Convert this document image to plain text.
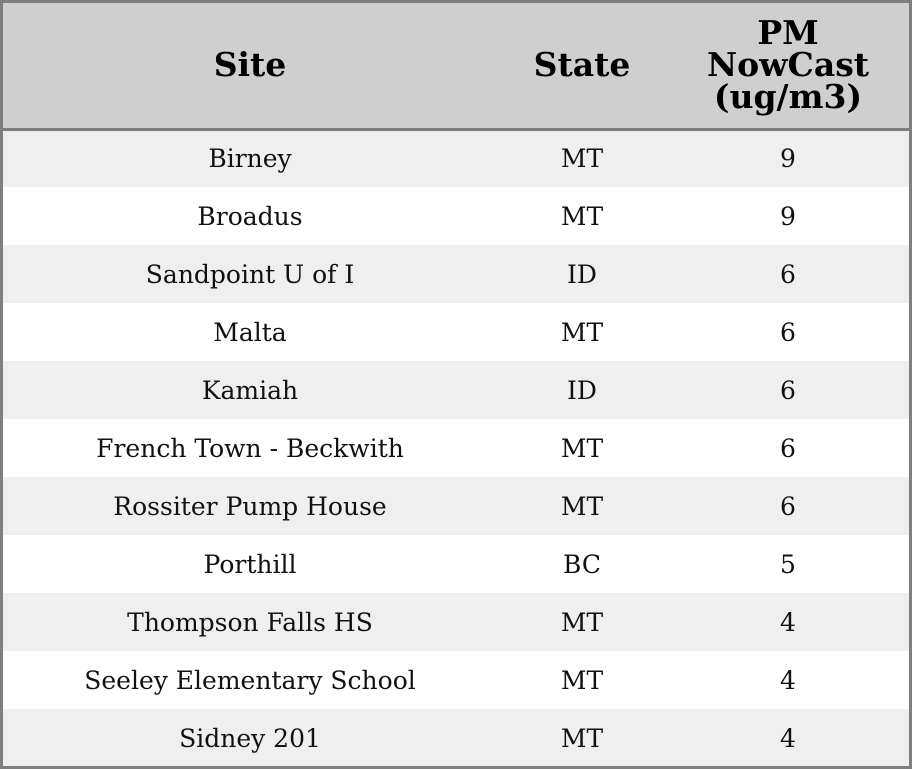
Site	State	PM
NowCast
(ug/m3)

Birney	MT	9
Broadus	MT	9
Sandpoint U of I	ID	6
Malta	MT	6
Kamiah	ID	6
French Town - Beckwith	MT	6
Rossiter Pump House	MT	6
Porthill	BC	5
Thompson Falls HS	MT	4
Seeley Elementary School	MT	4
Sidney 201	MT	4
